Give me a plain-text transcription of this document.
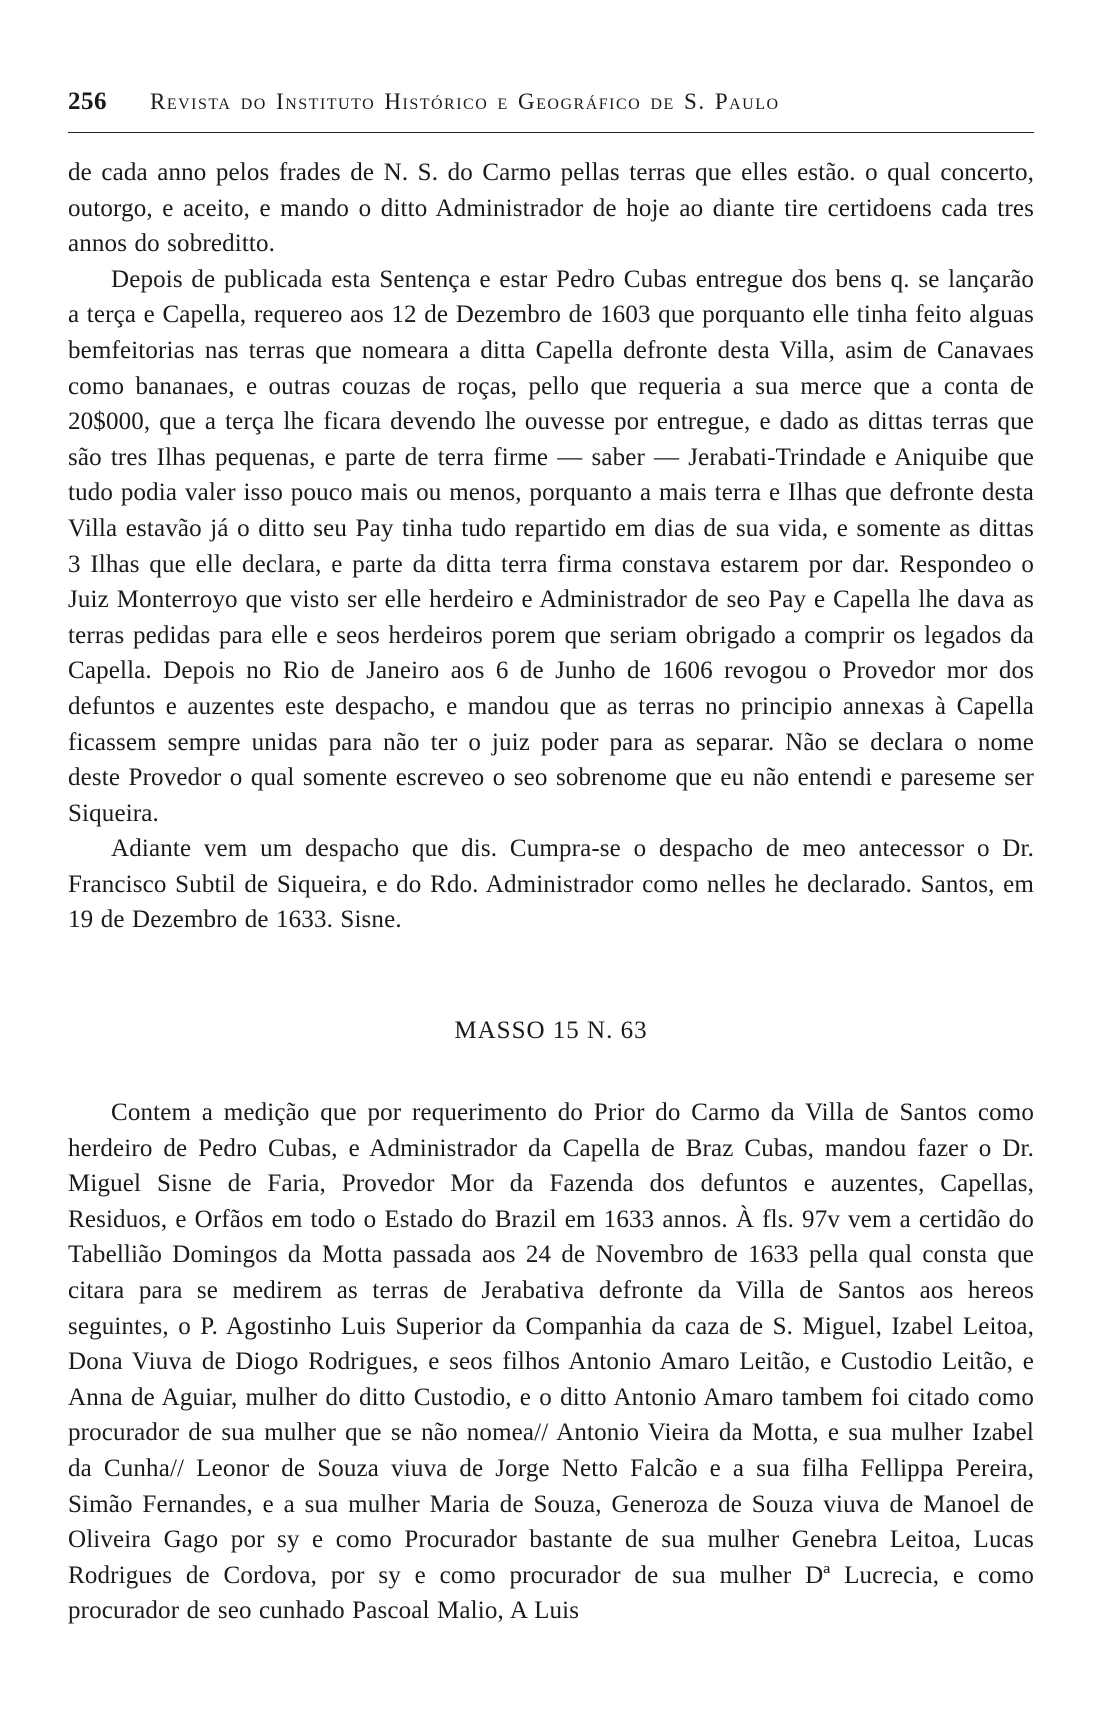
256	Revista do Instituto Histórico e Geográfico de S. Paulo

de cada anno pelos frades de N. S. do Carmo pellas terras que elles estão. o qual concerto, outorgo, e aceito, e mando o ditto Administrador de hoje ao diante tire certidoens cada tres annos do sobreditto.

Depois de publicada esta Sentença e estar Pedro Cubas entregue dos bens q. se lançarão a terça e Capella, requereo aos 12 de Dezembro de 1603 que porquanto elle tinha feito alguas bemfeitorias nas terras que nomeara a ditta Capella defronte desta Villa, asim de Canavaes como bananaes, e outras couzas de roças, pello que requeria a sua merce que a conta de 20$000, que a terça lhe ficara devendo lhe ouvesse por entregue, e dado as dittas terras que são tres Ilhas pequenas, e parte de terra firme — saber — Jerabati-Trindade e Aniquibe que tudo podia valer isso pouco mais ou menos, porquanto a mais terra e Ilhas que defronte desta Villa estavão já o ditto seu Pay tinha tudo repartido em dias de sua vida, e somente as dittas 3 Ilhas que elle declara, e parte da ditta terra firma constava estarem por dar. Respondeo o Juiz Monterroyo que visto ser elle herdeiro e Administrador de seo Pay e Capella lhe dava as terras pedidas para elle e seos herdeiros porem que seriam obrigado a comprir os legados da Capella. Depois no Rio de Janeiro aos 6 de Junho de 1606 revogou o Provedor mor dos defuntos e auzentes este despacho, e mandou que as terras no principio annexas à Capella ficassem sempre unidas para não ter o juiz poder para as separar. Não se declara o nome deste Provedor o qual somente escreveo o seo sobrenome que eu não entendi e pareseme ser Siqueira.

Adiante vem um despacho que dis. Cumpra-se o despacho de meo antecessor o Dr. Francisco Subtil de Siqueira, e do Rdo. Administrador como nelles he declarado. Santos, em 19 de Dezembro de 1633. Sisne.

MASSO 15 N. 63

Contem a medição que por requerimento do Prior do Carmo da Villa de Santos como herdeiro de Pedro Cubas, e Administrador da Capella de Braz Cubas, mandou fazer o Dr. Miguel Sisne de Faria, Provedor Mor da Fazenda dos defuntos e auzentes, Capellas, Residuos, e Orfãos em todo o Estado do Brazil em 1633 annos. À fls. 97v vem a certidão do Tabellião Domingos da Motta passada aos 24 de Novembro de 1633 pella qual consta que citara para se medirem as terras de Jerabativa defronte da Villa de Santos aos hereos seguintes, o P. Agostinho Luis Superior da Companhia da caza de S. Miguel, Izabel Leitoa, Dona Viuva de Diogo Rodrigues, e seos filhos Antonio Amaro Leitão, e Custodio Leitão, e Anna de Aguiar, mulher do ditto Custodio, e o ditto Antonio Amaro tambem foi citado como procurador de sua mulher que se não nomea// Antonio Vieira da Motta, e sua mulher Izabel da Cunha// Leonor de Souza viuva de Jorge Netto Falcão e a sua filha Fellippa Pereira, Simão Fernandes, e a sua mulher Maria de Souza, Generoza de Souza viuva de Manoel de Oliveira Gago por sy e como Procurador bastante de sua mulher Genebra Leitoa, Lucas Rodrigues de Cordova, por sy e como procurador de sua mulher Dª Lucrecia, e como procurador de seo cunhado Pascoal Malio, A Luis
